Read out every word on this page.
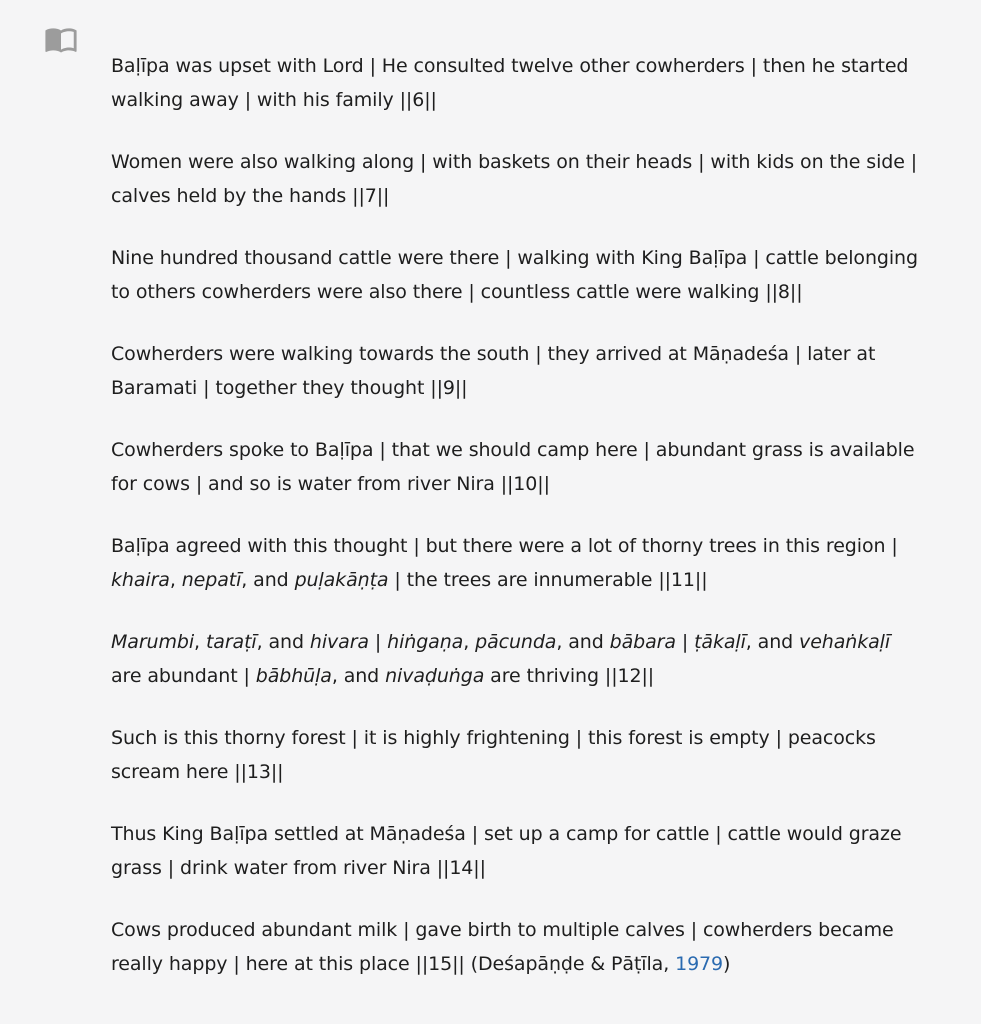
Baḷīpa was upset with Lord | He consulted twelve other cowherders | then he started walking away | with his family ||6||

Women were also walking along | with baskets on their heads | with kids on the side | calves held by the hands ||7||

Nine hundred thousand cattle were there | walking with King Baḷīpa | cattle belonging to others cowherders were also there | countless cattle were walking ||8||

Cowherders were walking towards the south | they arrived at Māṇadeśa | later at Baramati | together they thought ||9||

Cowherders spoke to Baḷīpa | that we should camp here | abundant grass is available for cows | and so is water from river Nira ||10||

Baḷīpa agreed with this thought | but there were a lot of thorny trees in this region | khaira, nepatī, and puḷakāṇṭa | the trees are innumerable ||11||

Marumbi, taraṭī, and hivara | hiṅgaṇa, pācunda, and bābara | ṭākaḷī, and vehaṅkaḷī are abundant | bābhūḷa, and nivaḍuṅga are thriving ||12||

Such is this thorny forest | it is highly frightening | this forest is empty | peacocks scream here ||13||

Thus King Baḷīpa settled at Māṇadeśa | set up a camp for cattle | cattle would graze grass | drink water from river Nira ||14||

Cows produced abundant milk | gave birth to multiple calves | cowherders became really happy | here at this place ||15|| (Deśapāṇḍe & Pāṭīla, 1979)
